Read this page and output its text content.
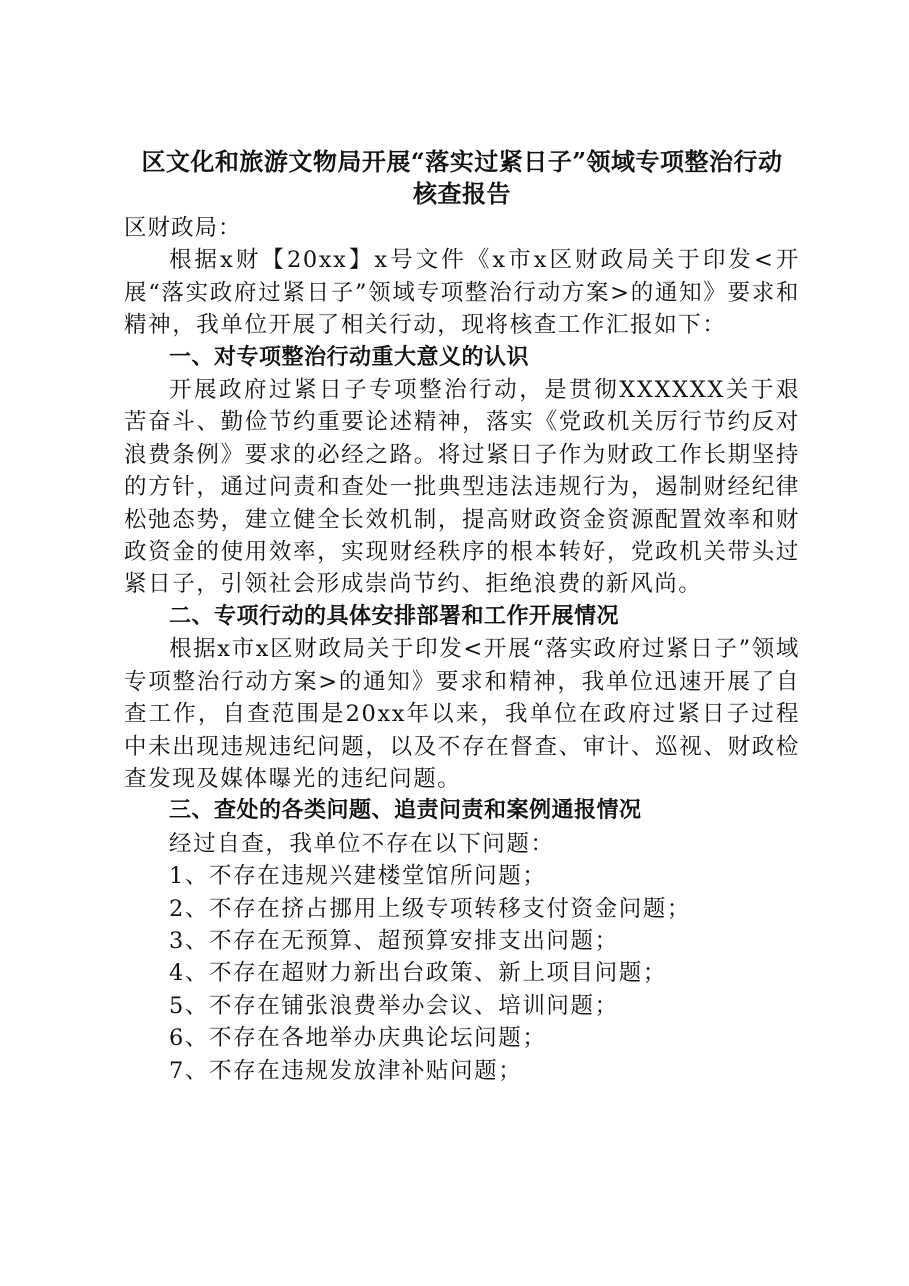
区文化和旅游文物局开展“落实过紧日子”领域专项整治行动
核查报告

区财政局：

根据x财【20xx】x号文件《x市x区财政局关于印发<开展“落实政府过紧日子”领域专项整治行动方案>的通知》要求和精神，我单位开展了相关行动，现将核查工作汇报如下：

一、对专项整治行动重大意义的认识

开展政府过紧日子专项整治行动，是贯彻XXXXXX关于艰苦奋斗、勤俭节约重要论述精神，落实《党政机关厉行节约反对浪费条例》要求的必经之路。将过紧日子作为财政工作长期坚持的方针，通过问责和查处一批典型违法违规行为，遏制财经纪律松弛态势，建立健全长效机制，提高财政资金资源配置效率和财政资金的使用效率，实现财经秩序的根本转好，党政机关带头过紧日子，引领社会形成崇尚节约、拒绝浪费的新风尚。

二、专项行动的具体安排部署和工作开展情况

根据x市x区财政局关于印发<开展“落实政府过紧日子”领域专项整治行动方案>的通知》要求和精神，我单位迅速开展了自查工作，自查范围是20xx年以来，我单位在政府过紧日子过程中未出现违规违纪问题，以及不存在督查、审计、巡视、财政检查发现及媒体曝光的违纪问题。

三、查处的各类问题、追责问责和案例通报情况

经过自查，我单位不存在以下问题：

1、不存在违规兴建楼堂馆所问题；

2、不存在挤占挪用上级专项转移支付资金问题；

3、不存在无预算、超预算安排支出问题；

4、不存在超财力新出台政策、新上项目问题；

5、不存在铺张浪费举办会议、培训问题；

6、不存在各地举办庆典论坛问题；

7、不存在违规发放津补贴问题；
